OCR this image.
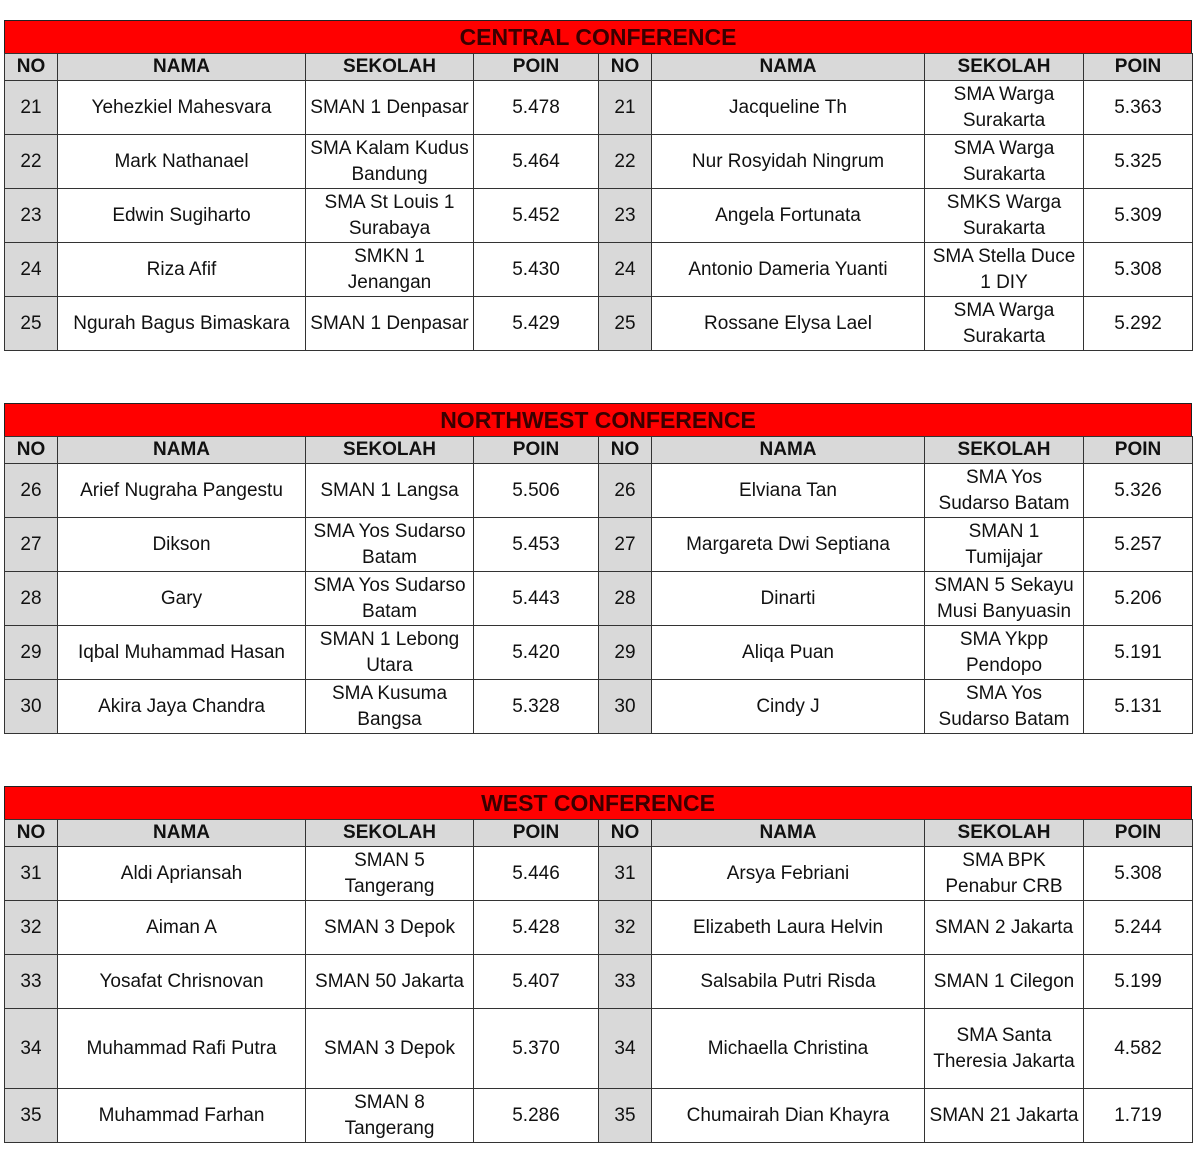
CENTRAL CONFERENCE
NO	NAMA	SEKOLAH	POIN	NO	NAMA	SEKOLAH	POIN
21	Yehezkiel Mahesvara	SMAN 1 Denpasar	5.478	21	Jacqueline Th	SMA Warga Surakarta	5.363
22	Mark Nathanael	SMA Kalam Kudus Bandung	5.464	22	Nur Rosyidah Ningrum	SMA Warga Surakarta	5.325
23	Edwin Sugiharto	SMA St Louis 1 Surabaya	5.452	23	Angela Fortunata	SMKS Warga Surakarta	5.309
24	Riza Afif	SMKN 1 Jenangan	5.430	24	Antonio Dameria Yuanti	SMA Stella Duce 1 DIY	5.308
25	Ngurah Bagus Bimaskara	SMAN 1 Denpasar	5.429	25	Rossane Elysa Lael	SMA Warga Surakarta	5.292
NORTHWEST CONFERENCE
NO	NAMA	SEKOLAH	POIN	NO	NAMA	SEKOLAH	POIN
26	Arief Nugraha Pangestu	SMAN 1 Langsa	5.506	26	Elviana Tan	SMA Yos Sudarso Batam	5.326
27	Dikson	SMA Yos Sudarso Batam	5.453	27	Margareta Dwi Septiana	SMAN 1 Tumijajar	5.257
28	Gary	SMA Yos Sudarso Batam	5.443	28	Dinarti	SMAN 5 Sekayu Musi Banyuasin	5.206
29	Iqbal Muhammad Hasan	SMAN 1 Lebong Utara	5.420	29	Aliqa Puan	SMA Ykpp Pendopo	5.191
30	Akira Jaya Chandra	SMA Kusuma Bangsa	5.328	30	Cindy J	SMA Yos Sudarso Batam	5.131
WEST CONFERENCE
NO	NAMA	SEKOLAH	POIN	NO	NAMA	SEKOLAH	POIN
31	Aldi Apriansah	SMAN 5 Tangerang	5.446	31	Arsya Febriani	SMA BPK Penabur CRB	5.308
32	Aiman A	SMAN 3 Depok	5.428	32	Elizabeth Laura Helvin	SMAN 2 Jakarta	5.244
33	Yosafat Chrisnovan	SMAN 50 Jakarta	5.407	33	Salsabila Putri Risda	SMAN 1 Cilegon	5.199
34	Muhammad Rafi Putra	SMAN 3 Depok	5.370	34	Michaella Christina	SMA Santa Theresia Jakarta	4.582
35	Muhammad Farhan	SMAN 8 Tangerang	5.286	35	Chumairah Dian Khayra	SMAN 21 Jakarta	1.719
